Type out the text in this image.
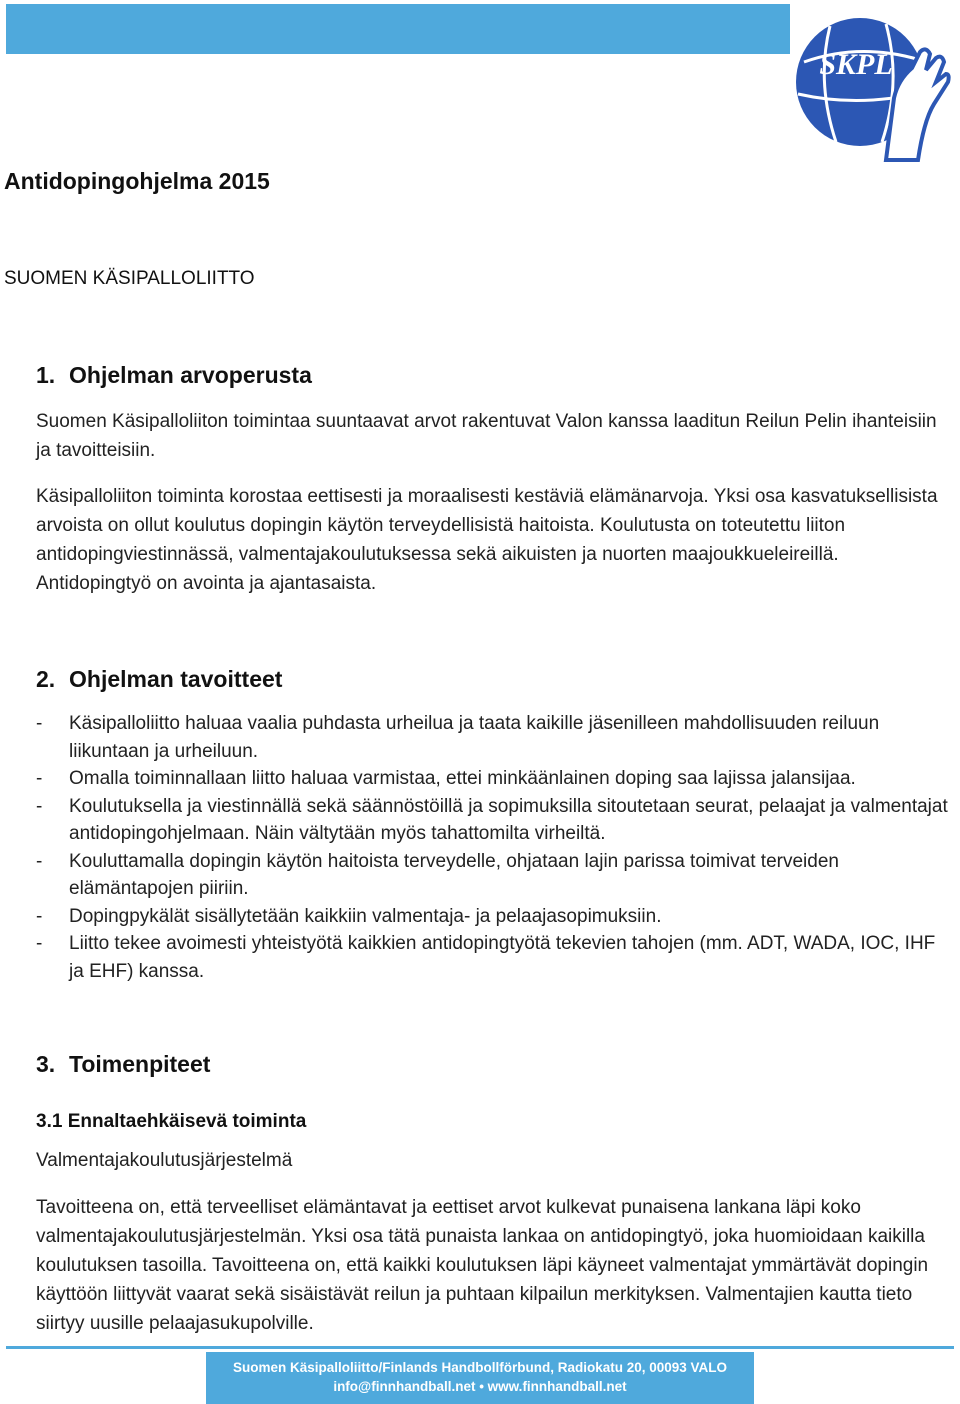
SKPL
Antidopingohjelma 2015

SUOMEN KÄSIPALLOLIITTO

1. Ohjelman arvoperusta

Suomen Käsipalloliiton toimintaa suuntaavat arvot rakentuvat Valon kanssa laaditun Reilun Pelin ihanteisiin ja tavoitteisiin.

Käsipalloliiton toiminta korostaa eettisesti ja moraalisesti kestäviä elämänarvoja. Yksi osa kasvatuksellisista arvoista on ollut koulutus dopingin käytön terveydellisistä haitoista. Koulutusta on toteutettu liiton antidopingviestinnässä, valmentajakoulutuksessa sekä aikuisten ja nuorten maajoukkueleireillä. Antidopingtyö on avointa ja ajantasaista.

2. Ohjelman tavoitteet
- Käsipalloliitto haluaa vaalia puhdasta urheilua ja taata kaikille jäsenilleen mahdollisuuden reiluun liikuntaan ja urheiluun.
- Omalla toiminnallaan liitto haluaa varmistaa, ettei minkäänlainen doping saa lajissa jalansijaa.
- Koulutuksella ja viestinnällä sekä säännöstöillä ja sopimuksilla sitoutetaan seurat, pelaajat ja valmentajat antidopingohjelmaan. Näin vältytään myös tahattomilta virheiltä.
- Kouluttamalla dopingin käytön haitoista terveydelle, ohjataan lajin parissa toimivat terveiden elämäntapojen piiriin.
- Dopingpykälät sisällytetään kaikkiin valmentaja- ja pelaajasopimuksiin.
- Liitto tekee avoimesti yhteistyötä kaikkien antidopingtyötä tekevien tahojen (mm. ADT, WADA, IOC, IHF ja EHF) kanssa.
3. Toimenpiteet
3.1 Ennaltaehkäisevä toiminta

Valmentajakoulutusjärjestelmä

Tavoitteena on, että terveelliset elämäntavat ja eettiset arvot kulkevat punaisena lankana läpi koko valmentajakoulutusjärjestelmän. Yksi osa tätä punaista lankaa on antidopingtyö, joka huomioidaan kaikilla koulutuksen tasoilla. Tavoitteena on, että kaikki koulutuksen läpi käyneet valmentajat ymmärtävät dopingin käyttöön liittyvät vaarat sekä sisäistävät reilun ja puhtaan kilpailun merkityksen. Valmentajien kautta tieto siirtyy uusille pelaajasukupolville.

Suomen Käsipalloliitto/Finlands Handbollförbund, Radiokatu 20, 00093 VALO
info@finnhandball.net • www.finnhandball.net
